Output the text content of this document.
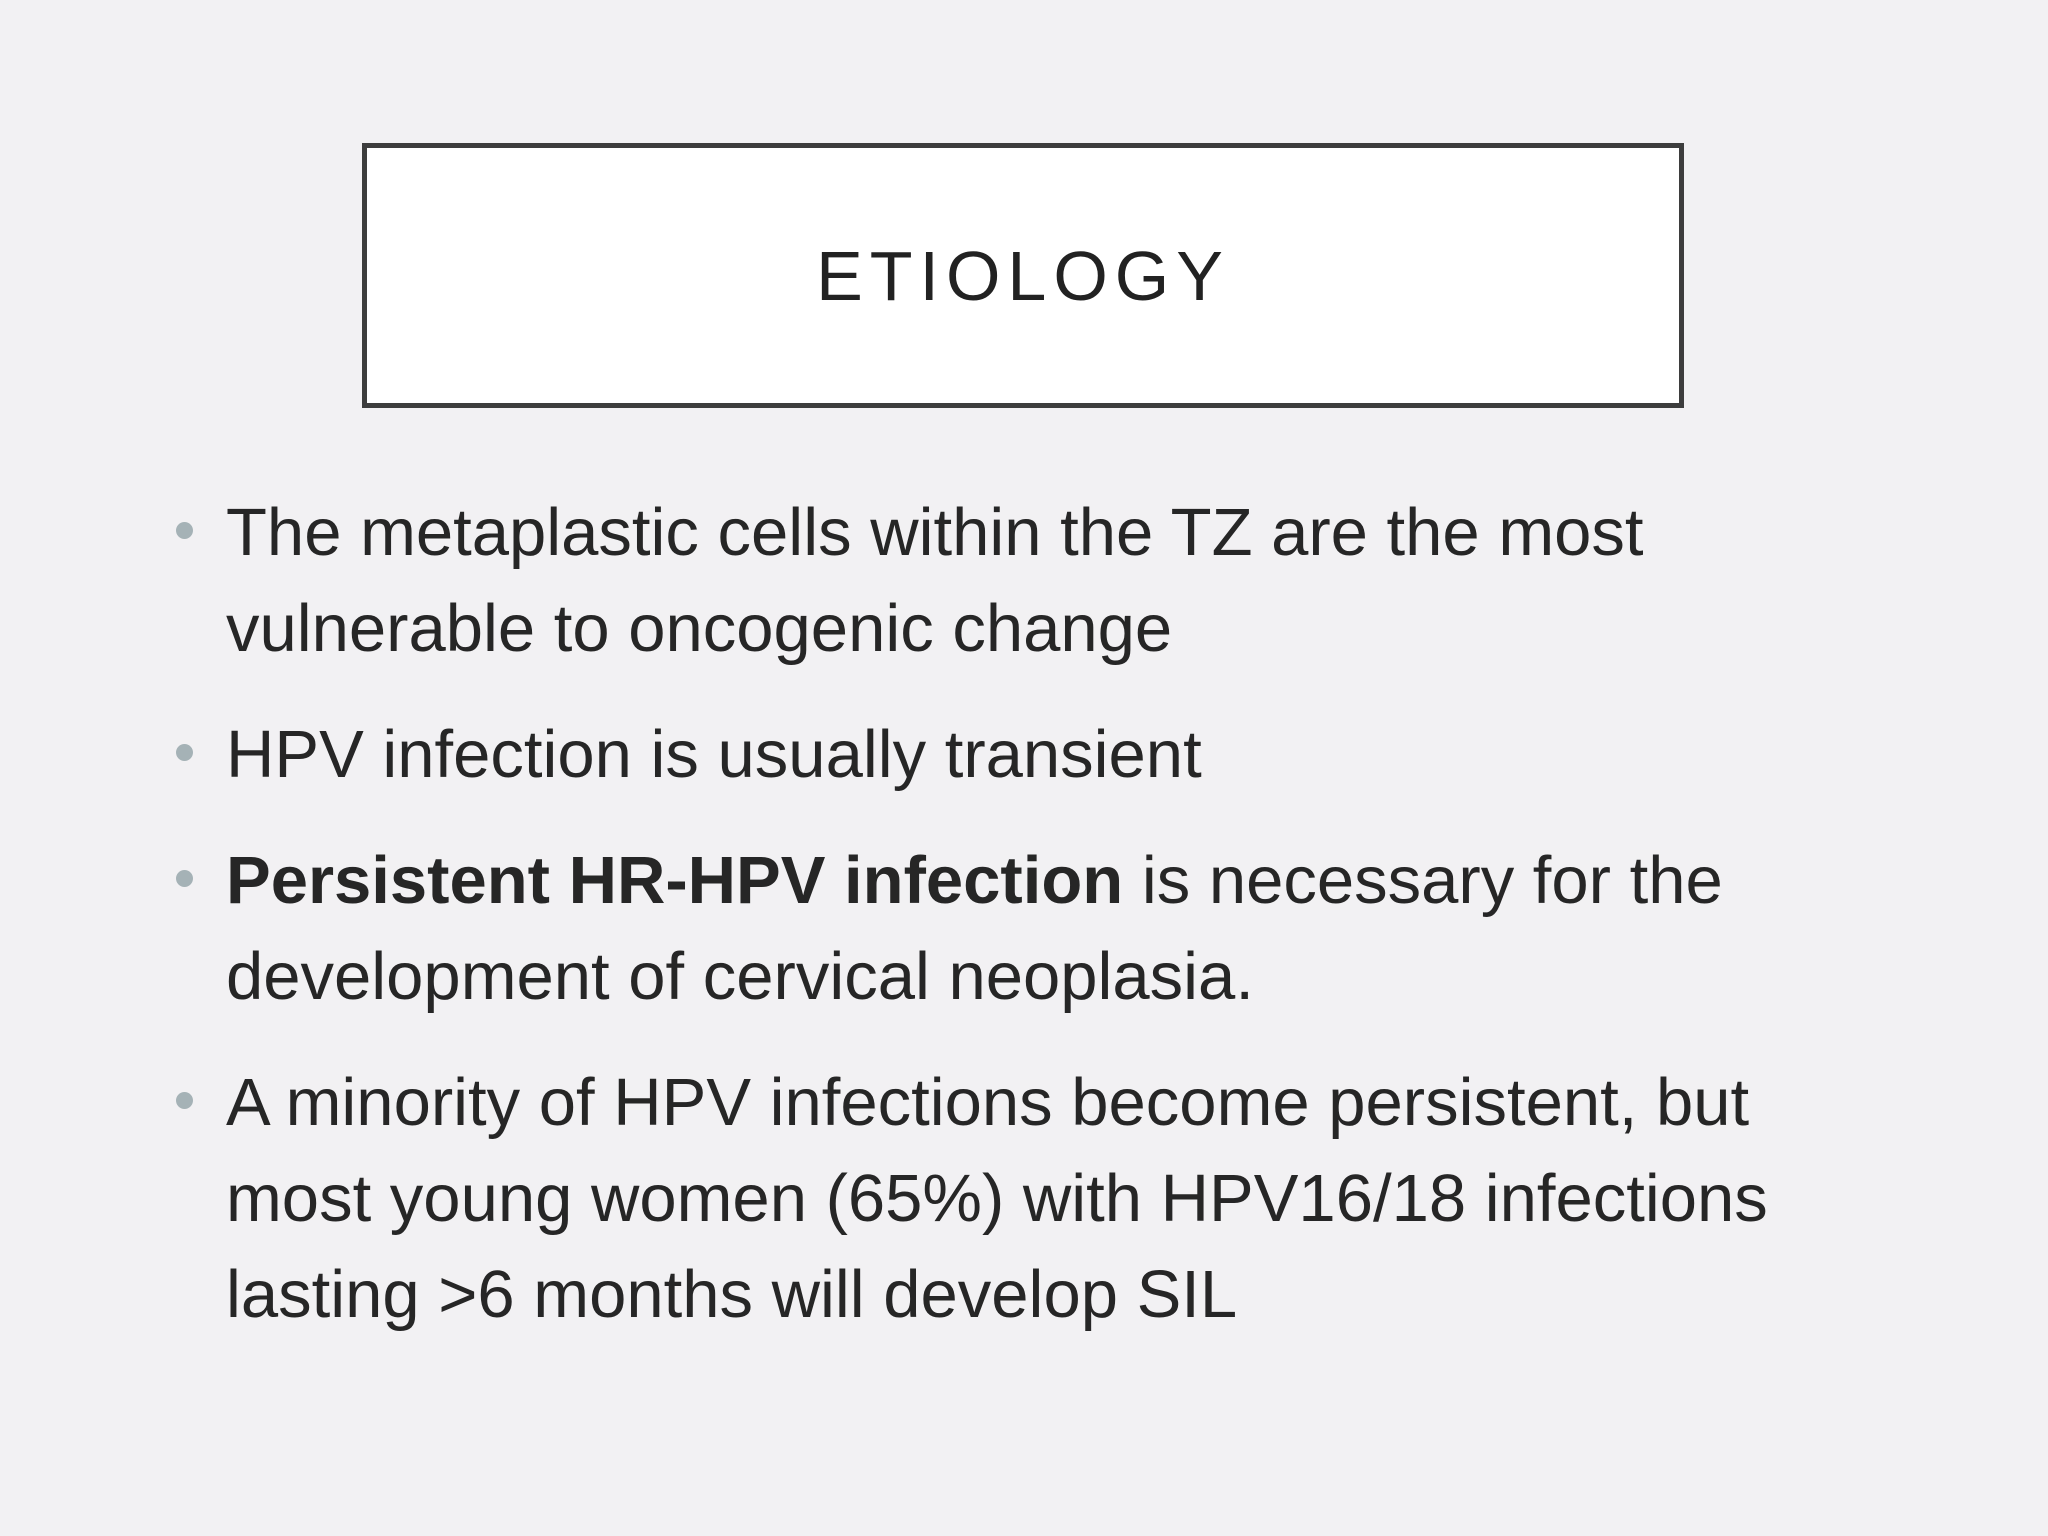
ETIOLOGY
The metaplastic cells within the TZ are the most vulnerable to oncogenic change
HPV infection is usually transient
Persistent HR-HPV infection is necessary for the development of cervical neoplasia.
A minority of HPV infections become persistent, but most young women (65%) with HPV16/18 infections lasting >6 months will develop SIL
